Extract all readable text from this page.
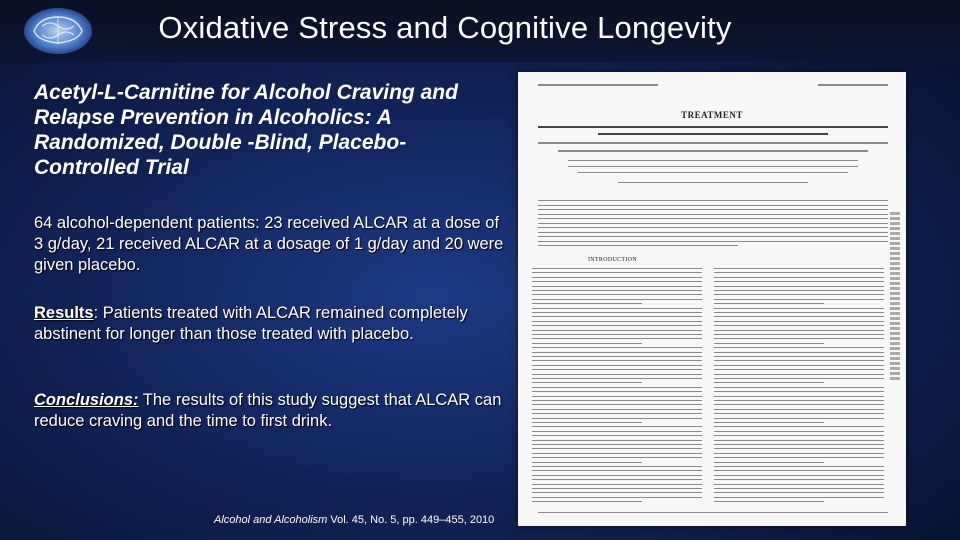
Oxidative Stress and Cognitive Longevity

Acetyl-L-Carnitine for Alcohol Craving and Relapse Prevention in Alcoholics: A Randomized, Double -Blind, Placebo-Controlled Trial

64 alcohol-dependent patients: 23 received ALCAR at a dose of 3 g/day, 21 received ALCAR at a dosage of 1 g/day and 20 were given placebo.

Results: Patients treated with ALCAR remained completely abstinent for longer than those treated with placebo.

Conclusions: The results of this study suggest that ALCAR can reduce craving and the time to first drink.

Alcohol and Alcoholism Vol. 45, No. 5, pp. 449–455, 2010
TREATMENT
INTRODUCTION
